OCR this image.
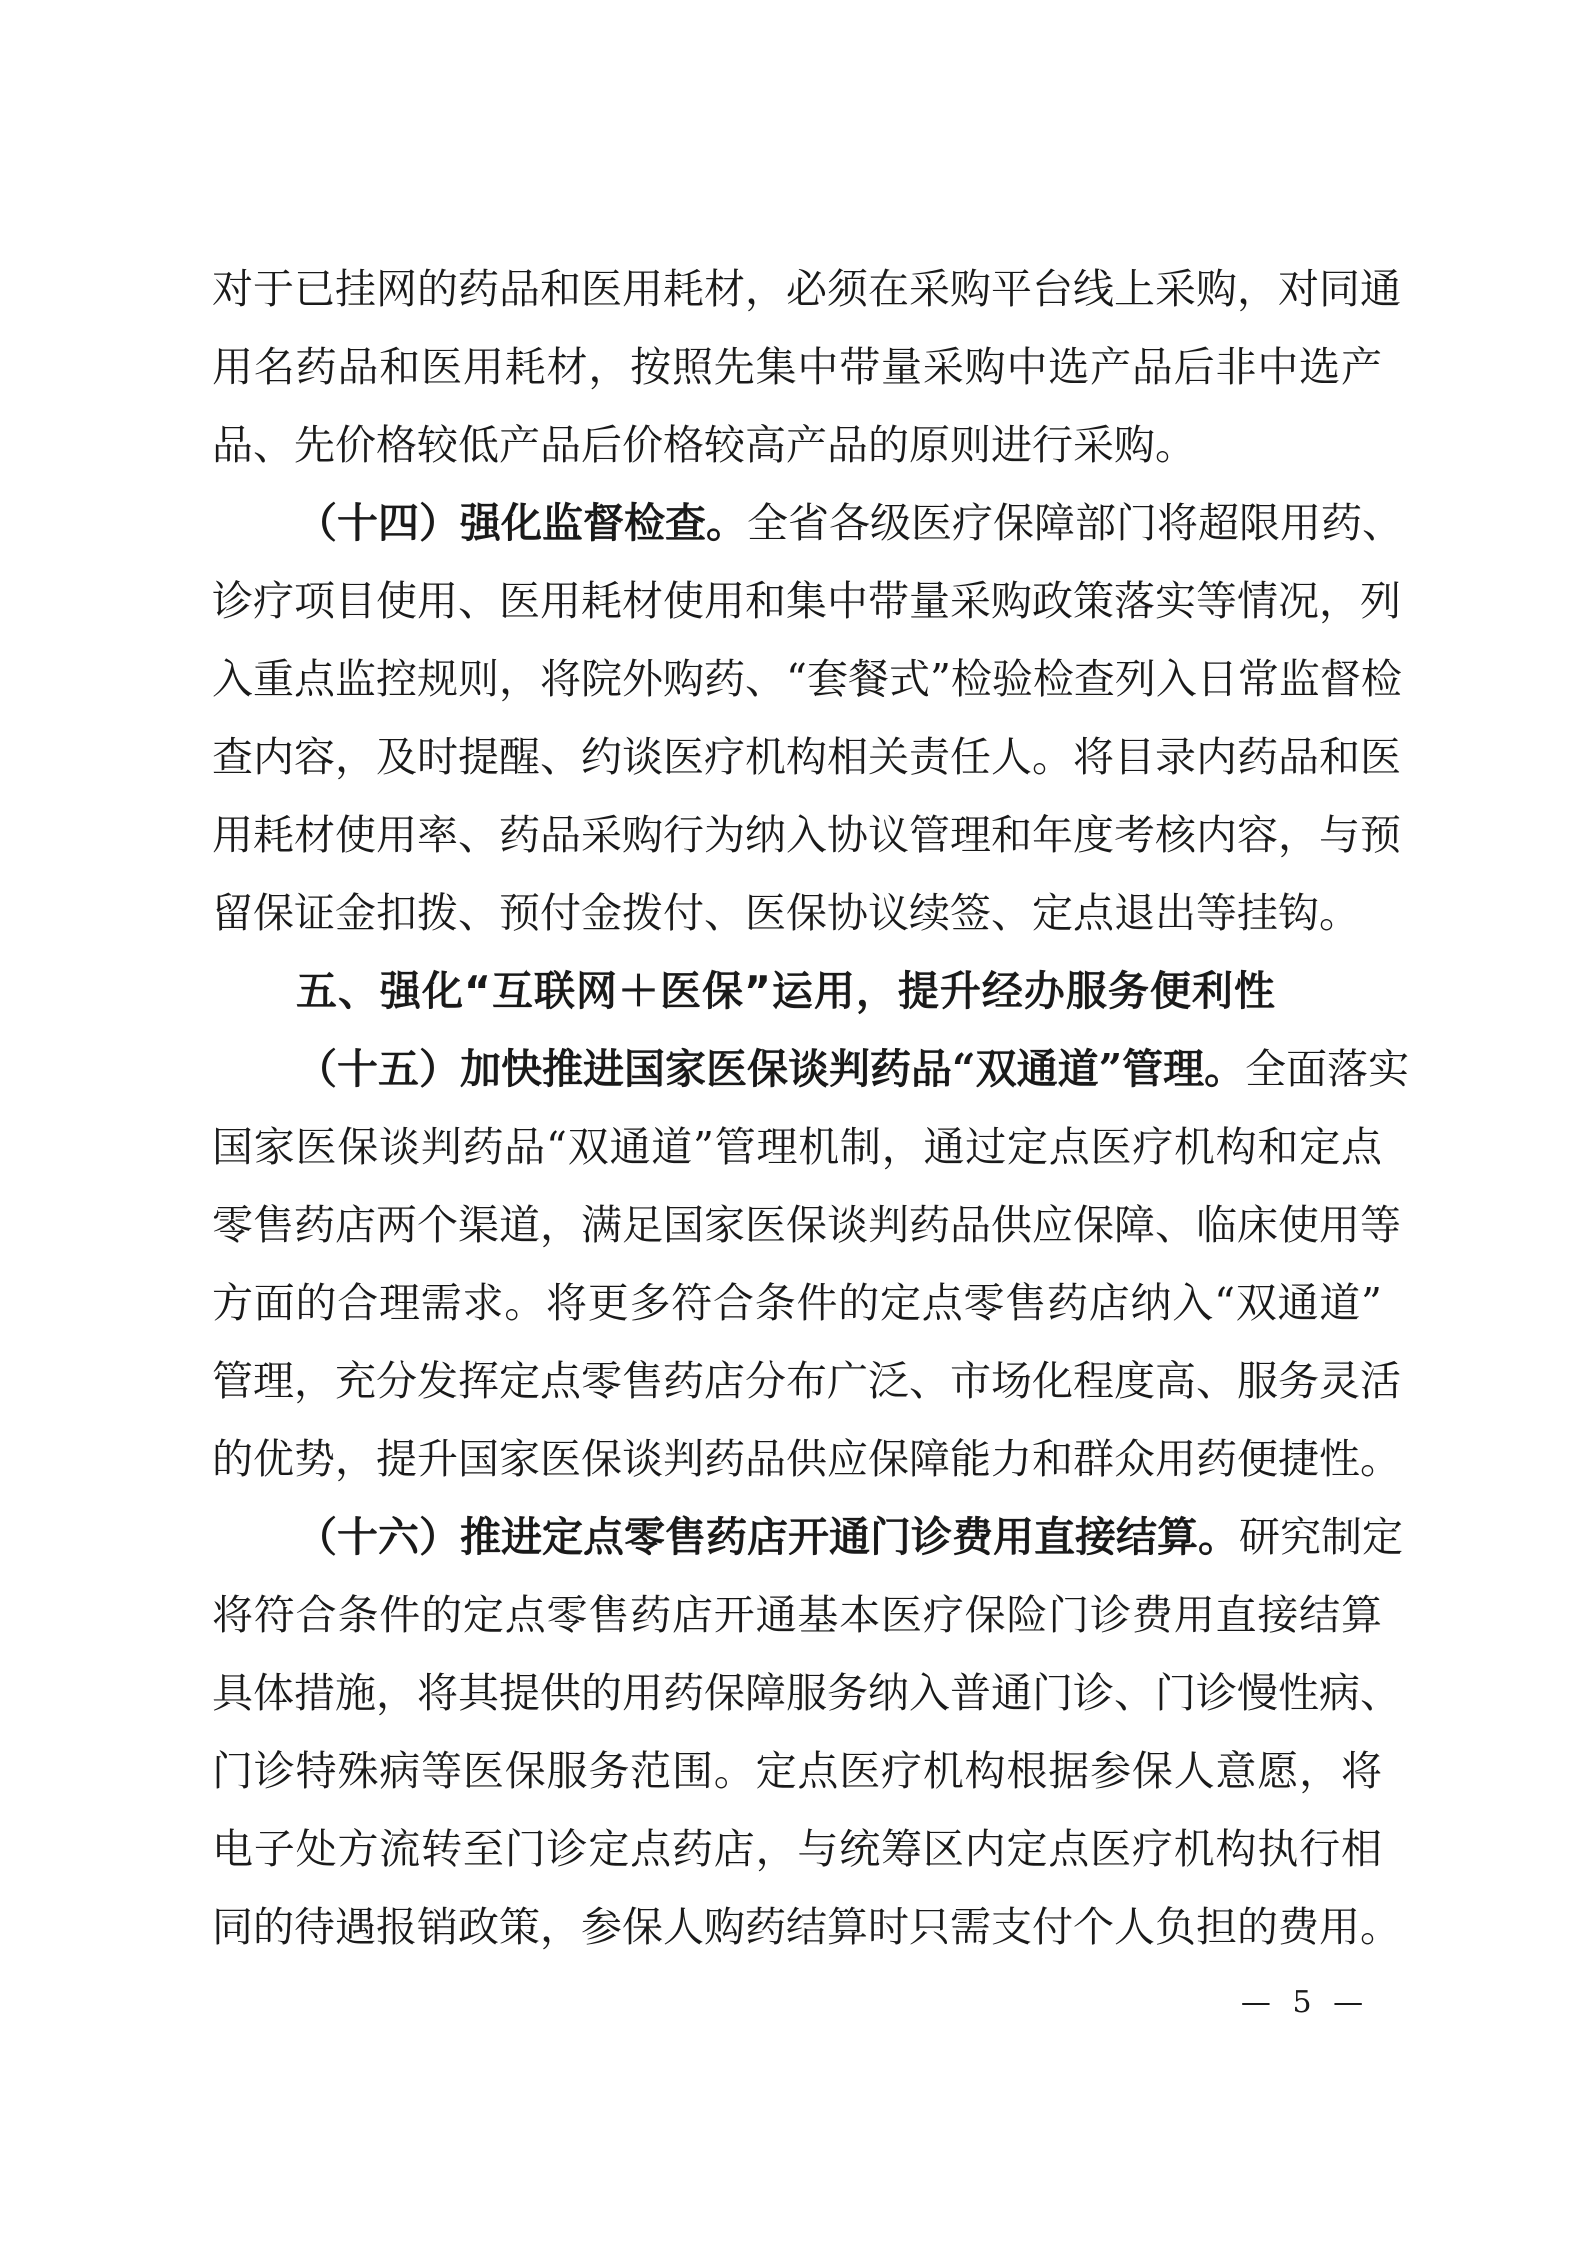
对于已挂网的药品和医用耗材，必须在采购平台线上采购，对同通
用名药品和医用耗材，按照先集中带量采购中选产品后非中选产
品、先价格较低产品后价格较高产品的原则进行采购。
（十四）强化监督检查。全省各级医疗保障部门将超限用药、
诊疗项目使用、医用耗材使用和集中带量采购政策落实等情况，列
入重点监控规则，将院外购药、“套餐式”检验检查列入日常监督检
查内容，及时提醒、约谈医疗机构相关责任人。将目录内药品和医
用耗材使用率、药品采购行为纳入协议管理和年度考核内容，与预
留保证金扣拨、预付金拨付、医保协议续签、定点退出等挂钩。
五、强化“互联网＋医保”运用，提升经办服务便利性
（十五）加快推进国家医保谈判药品“双通道”管理。全面落实
国家医保谈判药品“双通道”管理机制，通过定点医疗机构和定点
零售药店两个渠道，满足国家医保谈判药品供应保障、临床使用等
方面的合理需求。将更多符合条件的定点零售药店纳入“双通道”
管理，充分发挥定点零售药店分布广泛、市场化程度高、服务灵活
的优势，提升国家医保谈判药品供应保障能力和群众用药便捷性。
（十六）推进定点零售药店开通门诊费用直接结算。研究制定
将符合条件的定点零售药店开通基本医疗保险门诊费用直接结算
具体措施，将其提供的用药保障服务纳入普通门诊、门诊慢性病、
门诊特殊病等医保服务范围。定点医疗机构根据参保人意愿，将
电子处方流转至门诊定点药店，与统筹区内定点医疗机构执行相
同的待遇报销政策，参保人购药结算时只需支付个人负担的费用。
— 5 —
